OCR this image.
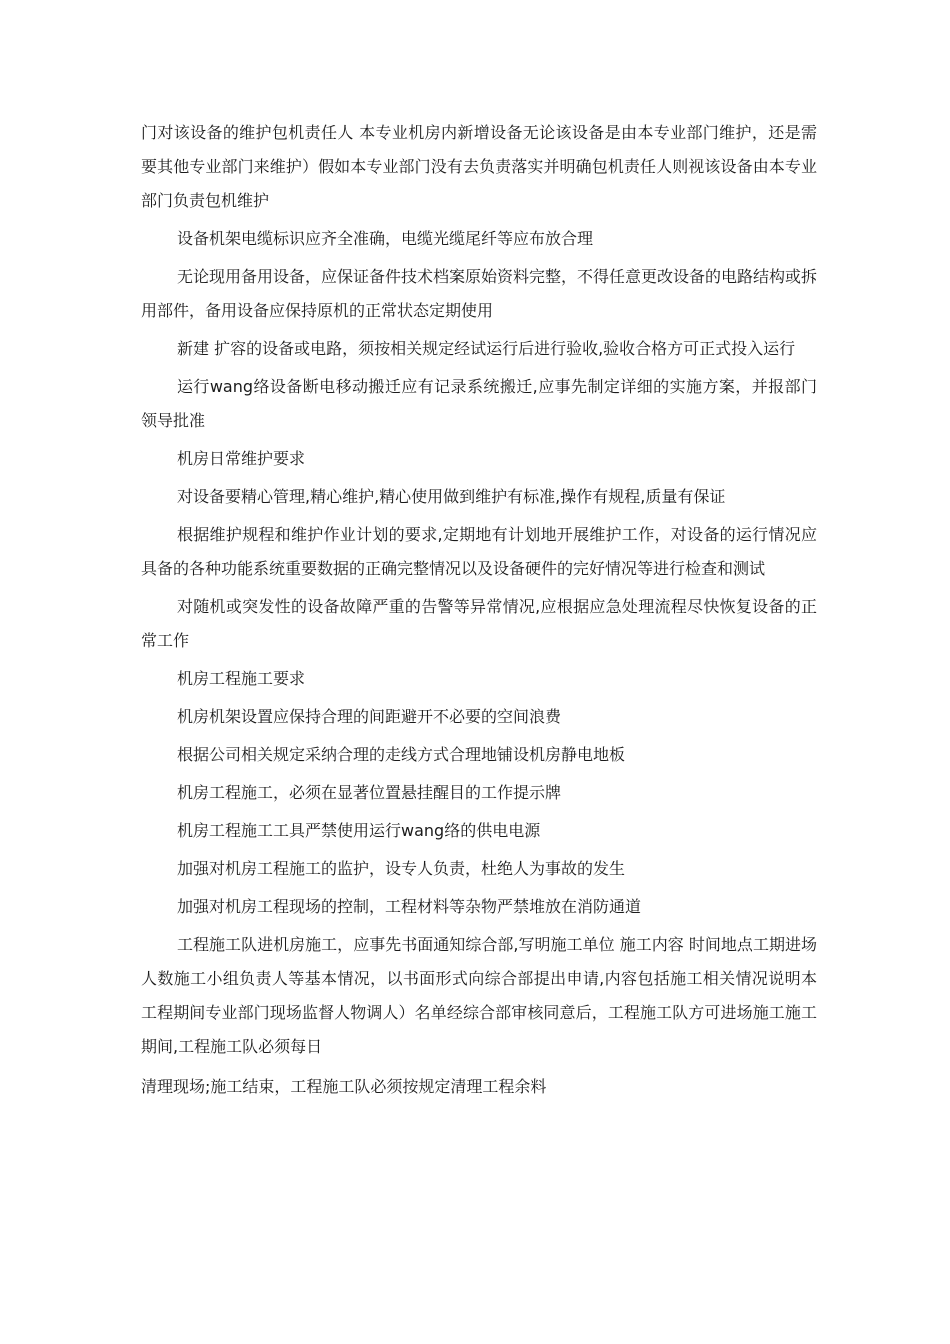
门对该设备的维护包机责任人 本专业机房内新增设备无论该设备是由本专业部门维护，还是需要其他专业部门来维护）假如本专业部门没有去负责落实并明确包机责任人则视该设备由本专业部门负责包机维护

设备机架电缆标识应齐全准确，电缆光缆尾纤等应布放合理

无论现用备用设备，应保证备件技术档案原始资料完整，不得任意更改设备的电路结构或拆用部件，备用设备应保持原机的正常状态定期使用

新建 扩容的设备或电路，须按相关规定经试运行后进行验收,验收合格方可正式投入运行

运行wang络设备断电移动搬迁应有记录系统搬迁,应事先制定详细的实施方案，并报部门领导批准

机房日常维护要求

对设备要精心管理,精心维护,精心使用做到维护有标准,操作有规程,质量有保证

根据维护规程和维护作业计划的要求,定期地有计划地开展维护工作，对设备的运行情况应具备的各种功能系统重要数据的正确完整情况以及设备硬件的完好情况等进行检查和测试

对随机或突发性的设备故障严重的告警等异常情况,应根据应急处理流程尽快恢复设备的正常工作

机房工程施工要求

机房机架设置应保持合理的间距避开不必要的空间浪费

根据公司相关规定采纳合理的走线方式合理地铺设机房静电地板

机房工程施工，必须在显著位置悬挂醒目的工作提示牌

机房工程施工工具严禁使用运行wang络的供电电源

加强对机房工程施工的监护，设专人负责，杜绝人为事故的发生

加强对机房工程现场的控制，工程材料等杂物严禁堆放在消防通道

工程施工队进机房施工，应事先书面通知综合部,写明施工单位 施工内容 时间地点工期进场人数施工小组负责人等基本情况，以书面形式向综合部提出申请,内容包括施工相关情况说明本工程期间专业部门现场监督人物调人）名单经综合部审核同意后，工程施工队方可进场施工施工期间,工程施工队必须每日

清理现场;施工结束，工程施工队必须按规定清理工程余料
